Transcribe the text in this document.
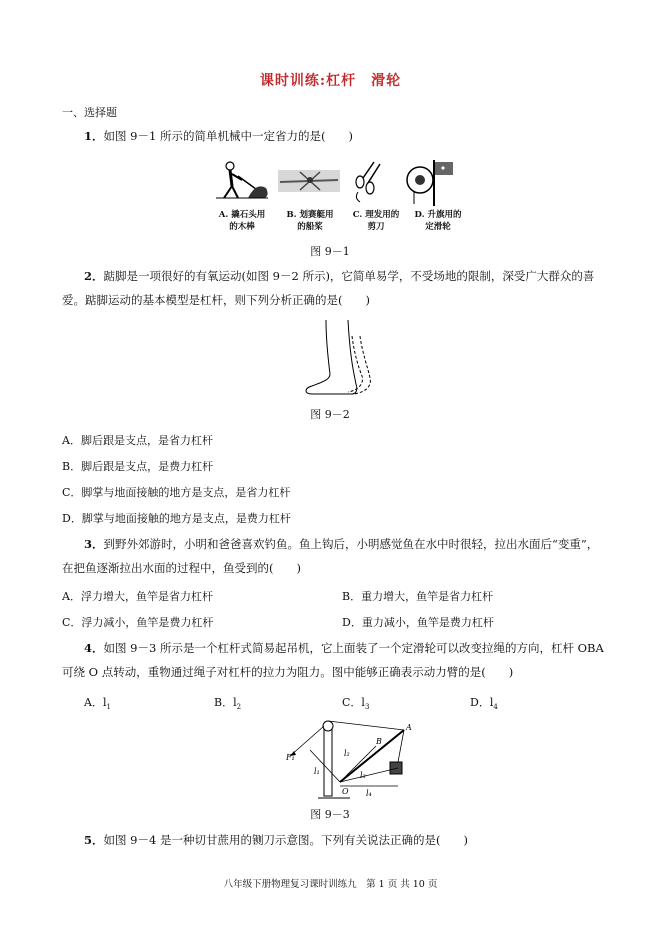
课时训练:杠杆　滑轮
一、选择题
1．如图 9－1 所示的简单机械中一定省力的是(　　)
A. 撬石头用
的木棒
B. 划赛艇用
的船桨
C. 理发用的
剪刀
D. 升旗用的
定滑轮
图 9－1
2．踮脚是一项很好的有氧运动(如图 9－2 所示)，它简单易学，不受场地的限制，深受广大群众的喜
爱。踮脚运动的基本模型是杠杆，则下列分析正确的是(　　)
图 9－2
A．脚后跟是支点，是省力杠杆
B．脚后跟是支点，是费力杠杆
C．脚掌与地面接触的地方是支点，是省力杠杆
D．脚掌与地面接触的地方是支点，是费力杠杆
3．到野外郊游时，小明和爸爸喜欢钓鱼。鱼上钩后，小明感觉鱼在水中时很轻，拉出水面后“变重”，
在把鱼逐渐拉出水面的过程中，鱼受到的(　　)
A．浮力增大，鱼竿是省力杠杆	B．重力增大，鱼竿是省力杠杆
C．浮力减小，鱼竿是费力杠杆	D．重力减小，鱼竿是费力杠杆
4．如图 9－3 所示是一个杠杆式简易起吊机，它上面装了一个定滑轮可以改变拉绳的方向，杠杆 OBA
可绕 O 点转动，重物通过绳子对杠杆的拉力为阻力。图中能够正确表示动力臂的是(　　)
A．$l_1$	B．$l_2$	C．$l_3$	D．$l_4$
F₁
l₁
l₂
l₃
l₄
A
B
O
图 9－3
5．如图 9－4 是一种切甘蔗用的铡刀示意图。下列有关说法正确的是(　　)
八年级下册物理复习课时训练九　第 1 页 共 10 页
